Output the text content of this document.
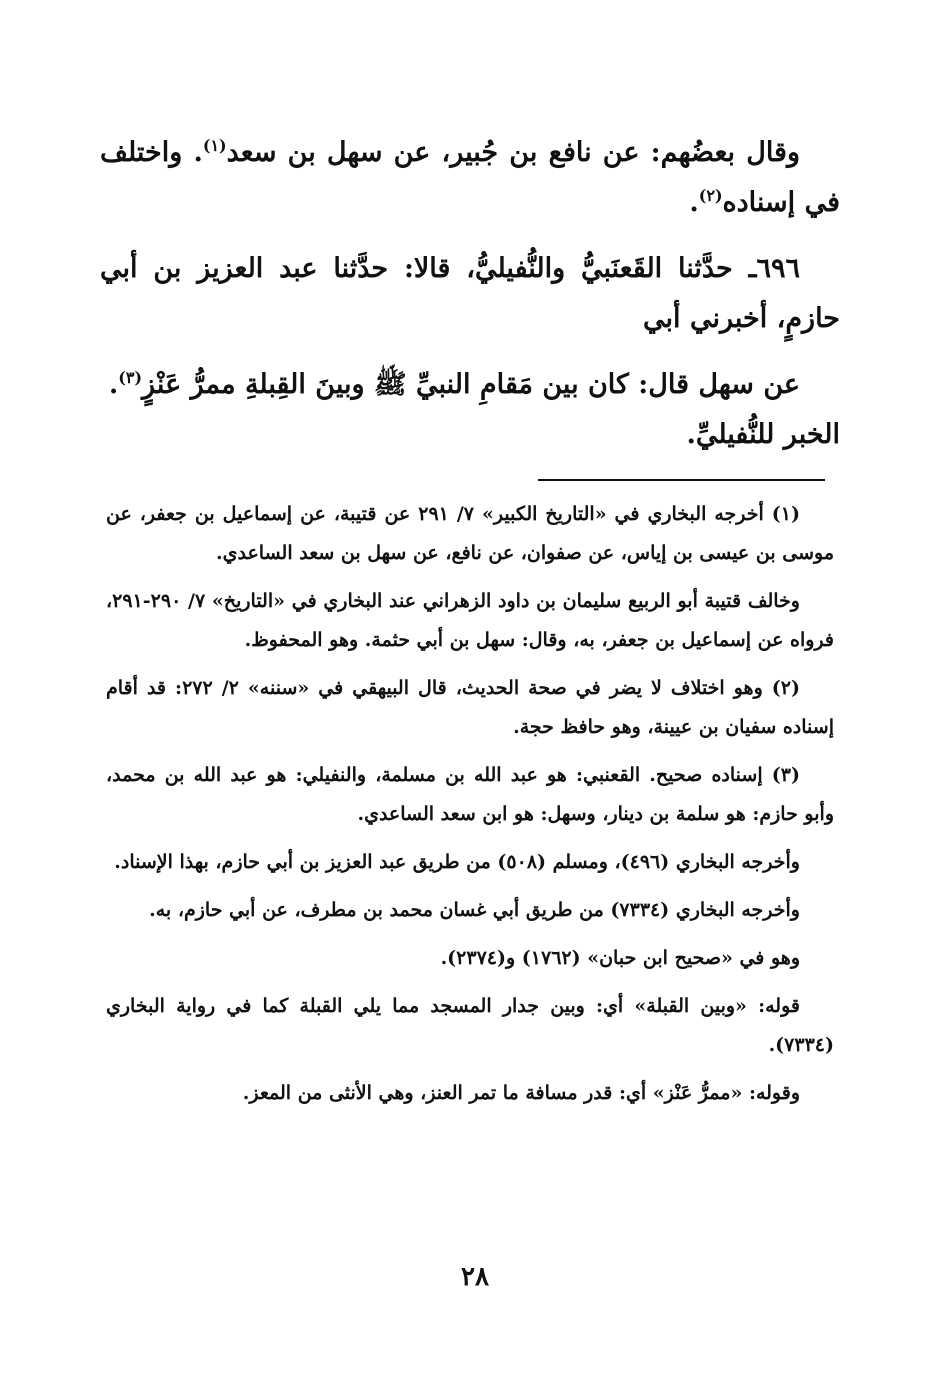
وقال بعضُهم: عن نافع بن جُبير، عن سهل بن سعد$^{(١)}$. واختلف في إسناده$^{(٢)}$.

٦٩٦ـ حدَّثنا القَعنَبيُّ والنُّفيليُّ، قالا: حدَّثنا عبد العزيز بن أبي حازمٍ، أخبرني أبي

عن سهل قال: كان بين مَقامِ النبيِّ ﷺ وبينَ القِبلةِ ممرُّ عَنْزٍ$^{(٣)}$.

الخبر للنُّفيليِّ.

(١) أخرجه البخاري في «التاريخ الكبير» ٧/ ٢٩١ عن قتيبة، عن إسماعيل بن جعفر، عن موسى بن عيسى بن إياس، عن صفوان، عن نافع، عن سهل بن سعد الساعدي.

وخالف قتيبة أبو الربيع سليمان بن داود الزهراني عند البخاري في «التاريخ» ٧/ ٢٩٠-٢٩١، فرواه عن إسماعيل بن جعفر، به، وقال: سهل بن أبي حثمة. وهو المحفوظ.

(٢) وهو اختلاف لا يضر في صحة الحديث، قال البيهقي في «سننه» ٢/ ٢٧٢: قد أقام إسناده سفيان بن عيينة، وهو حافظ حجة.

(٣) إسناده صحيح. القعنبي: هو عبد الله بن مسلمة، والنفيلي: هو عبد الله بن محمد، وأبو حازم: هو سلمة بن دينار، وسهل: هو ابن سعد الساعدي.

وأخرجه البخاري (٤٩٦)، ومسلم (٥٠٨) من طريق عبد العزيز بن أبي حازم، بهذا الإسناد.

وأخرجه البخاري (٧٣٣٤) من طريق أبي غسان محمد بن مطرف، عن أبي حازم، به.

وهو في «صحيح ابن حبان» (١٧٦٢) و(٢٣٧٤).

قوله: «وبين القبلة» أي: وبين جدار المسجد مما يلي القبلة كما في رواية البخاري (٧٣٣٤).

وقوله: «ممرُّ عَنْز» أي: قدر مسافة ما تمر العنز، وهي الأنثى من المعز.

٢٨
